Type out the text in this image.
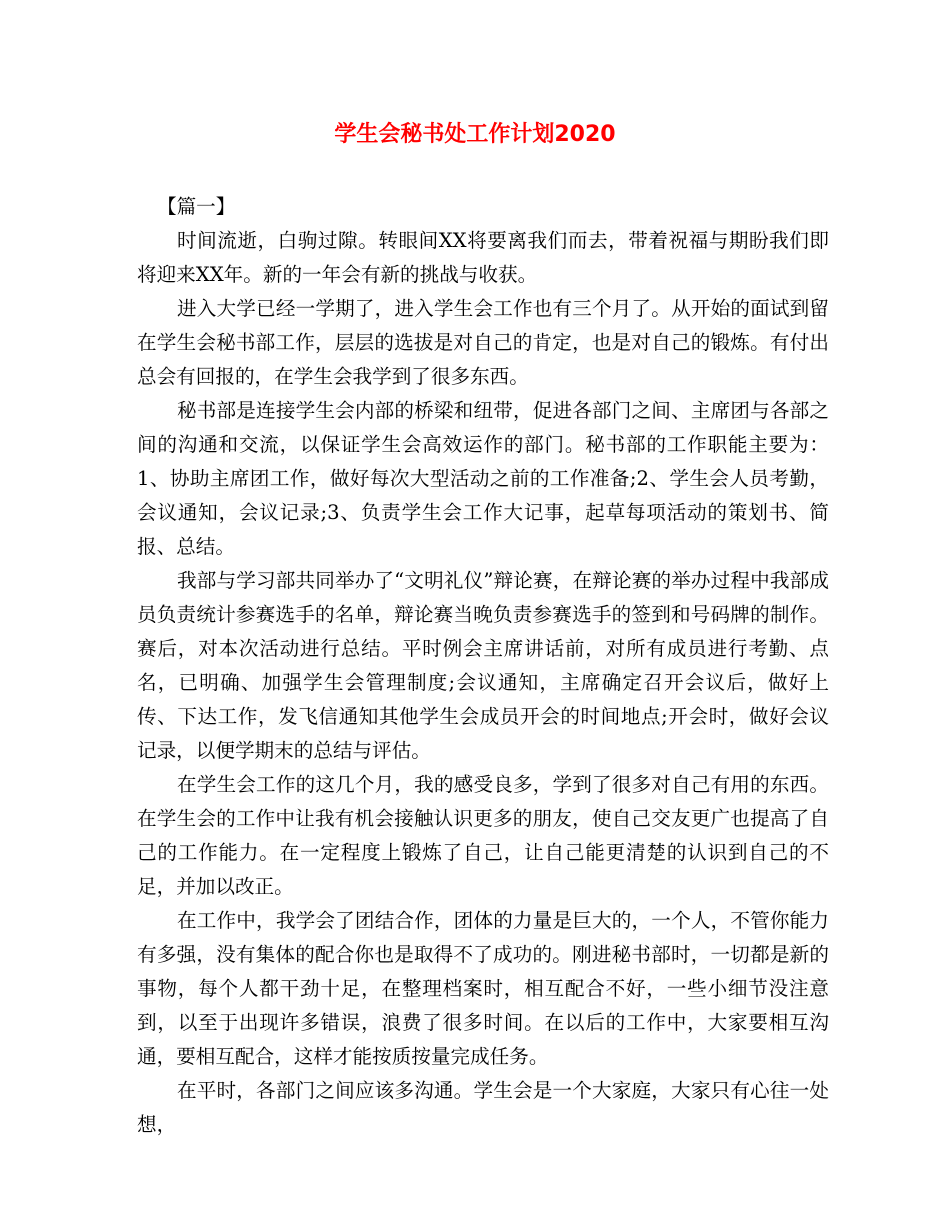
学生会秘书处工作计划2020

【篇一】

时间流逝，白驹过隙。转眼间XX将要离我们而去，带着祝福与期盼我们即将迎来XX年。新的一年会有新的挑战与收获。

进入大学已经一学期了，进入学生会工作也有三个月了。从开始的面试到留在学生会秘书部工作，层层的选拔是对自己的肯定，也是对自己的锻炼。有付出总会有回报的，在学生会我学到了很多东西。

秘书部是连接学生会内部的桥梁和纽带，促进各部门之间、主席团与各部之间的沟通和交流，以保证学生会高效运作的部门。秘书部的工作职能主要为：1、协助主席团工作，做好每次大型活动之前的工作准备;2、学生会人员考勤，会议通知，会议记录;3、负责学生会工作大记事，起草每项活动的策划书、简报、总结。

我部与学习部共同举办了“文明礼仪”辩论赛，在辩论赛的举办过程中我部成员负责统计参赛选手的名单，辩论赛当晚负责参赛选手的签到和号码牌的制作。赛后，对本次活动进行总结。平时例会主席讲话前，对所有成员进行考勤、点名，已明确、加强学生会管理制度;会议通知，主席确定召开会议后，做好上传、下达工作，发飞信通知其他学生会成员开会的时间地点;开会时，做好会议记录，以便学期末的总结与评估。

在学生会工作的这几个月，我的感受良多，学到了很多对自己有用的东西。在学生会的工作中让我有机会接触认识更多的朋友，使自己交友更广也提高了自己的工作能力。在一定程度上锻炼了自己，让自己能更清楚的认识到自己的不足，并加以改正。

在工作中，我学会了团结合作，团体的力量是巨大的，一个人，不管你能力有多强，没有集体的配合你也是取得不了成功的。刚进秘书部时，一切都是新的事物，每个人都干劲十足，在整理档案时，相互配合不好，一些小细节没注意到，以至于出现许多错误，浪费了很多时间。在以后的工作中，大家要相互沟通，要相互配合，这样才能按质按量完成任务。

在平时，各部门之间应该多沟通。学生会是一个大家庭，大家只有心往一处想，
